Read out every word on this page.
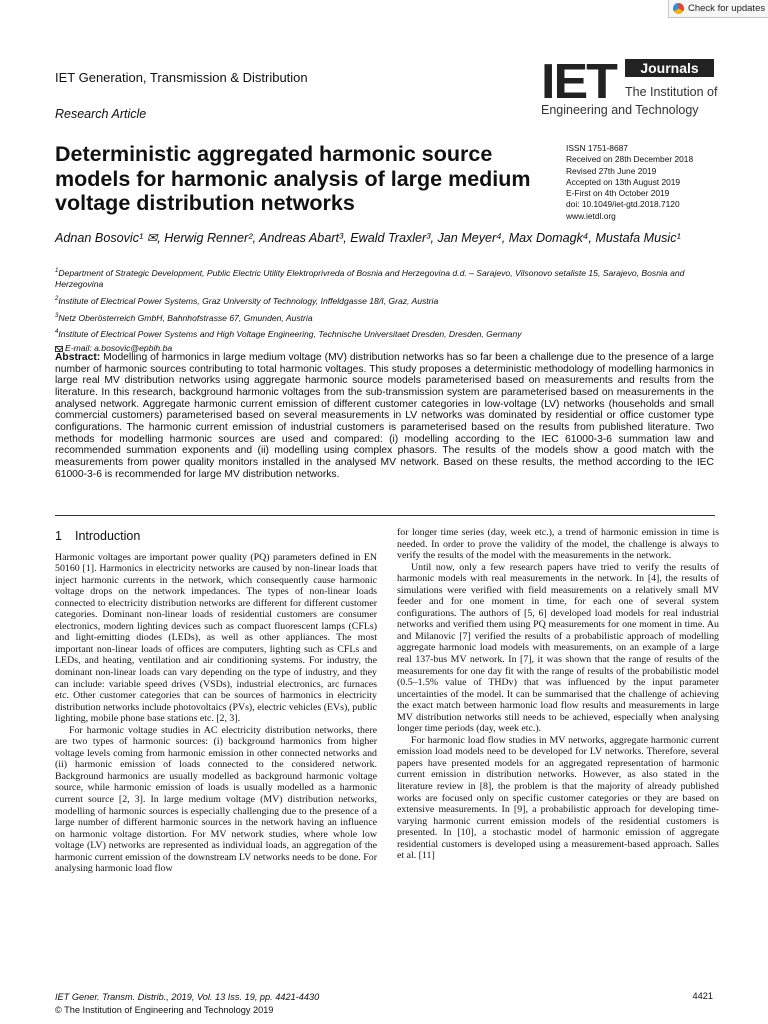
Check for updates
IET Generation, Transmission & Distribution
Research Article
IET	Journals
The Institution of
Engineering and Technology
Deterministic aggregated harmonic source models for harmonic analysis of large medium voltage distribution networks
ISSN 1751-8687
Received on 28th December 2018
Revised 27th June 2019
Accepted on 13th August 2019
E-First on 4th October 2019
doi: 10.1049/iet-gtd.2018.7120
www.ietdl.org
Adnan Bosovic¹ ✉, Herwig Renner², Andreas Abart³, Ewald Traxler³, Jan Meyer⁴, Max Domagk⁴, Mustafa Music¹
$^1$Department of Strategic Development, Public Electric Utility Elektroprivreda of Bosnia and Herzegovina d.d. – Sarajevo, Vilsonovo setaliste 15, Sarajevo, Bosnia and Herzegovina
$^2$Institute of Electrical Power Systems, Graz University of Technology, Inffeldgasse 18/I, Graz, Austria
$^3$Netz Oberösterreich GmbH, Bahnhofstrasse 67, Gmunden, Austria
$^4$Institute of Electrical Power Systems and High Voltage Engineering, Technische Universitaet Dresden, Dresden, Germany
E-mail: a.bosovic@epbih.ba

Abstract: Modelling of harmonics in large medium voltage (MV) distribution networks has so far been a challenge due to the presence of a large number of harmonic sources contributing to total harmonic voltages. This study proposes a deterministic methodology of modelling harmonics in large real MV distribution networks using aggregate harmonic source models parameterised based on measurements and results from the literature. In this research, background harmonic voltages from the sub-transmission system are parameterised based on measurements in the analysed network. Aggregate harmonic current emission of different customer categories in low-voltage (LV) networks (households and small commercial customers) parameterised based on several measurements in LV networks was dominated by residential or office customer type configurations. The harmonic current emission of industrial customers is parameterised based on the results from published literature. Two methods for modelling harmonic sources are used and compared: (i) modelling according to the IEC 61000-3-6 summation law and recommended summation exponents and (ii) modelling using complex phasors. The results of the models show a good match with the measurements from power quality monitors installed in the analysed MV network. Based on these results, the method according to the IEC 61000-3-6 is recommended for large MV distribution networks.

1	Introduction

Harmonic voltages are important power quality (PQ) parameters defined in EN 50160 [1]. Harmonics in electricity networks are caused by non-linear loads that inject harmonic currents in the network, which consequently cause harmonic voltage drops on the network impedances. The types of non-linear loads connected to electricity distribution networks are different for different customer categories. Dominant non-linear loads of residential customers are consumer electronics, modern lighting devices such as compact fluorescent lamps (CFLs) and light-emitting diodes (LEDs), as well as other appliances. The most important non-linear loads of offices are computers, lighting such as CFLs and LEDs, and heating, ventilation and air conditioning systems. For industry, the dominant non-linear loads can vary depending on the type of industry, and they can include: variable speed drives (VSDs), industrial electronics, arc furnaces etc. Other customer categories that can be sources of harmonics in electricity distribution networks include photovoltaics (PVs), electric vehicles (EVs), public lighting, mobile phone base stations etc. [2, 3].

For harmonic voltage studies in AC electricity distribution networks, there are two types of harmonic sources: (i) background harmonics from higher voltage levels coming from harmonic emission in other connected networks and (ii) harmonic emission of loads connected to the considered network. Background harmonics are usually modelled as background harmonic voltage source, while harmonic emission of loads is usually modelled as a harmonic current source [2, 3]. In large medium voltage (MV) distribution networks, modelling of harmonic sources is especially challenging due to the presence of a large number of different harmonic sources in the network having an influence on harmonic voltage distortion. For MV network studies, where whole low voltage (LV) networks are represented as individual loads, an aggregation of the harmonic current emission of the downstream LV networks needs to be done. For analysing harmonic load flow

for longer time series (day, week etc.), a trend of harmonic emission in time is needed. In order to prove the validity of the model, the challenge is always to verify the results of the model with the measurements in the network.

Until now, only a few research papers have tried to verify the results of harmonic models with real measurements in the network. In [4], the results of simulations were verified with field measurements on a relatively small MV feeder and for one moment in time, for each one of several system configurations. The authors of [5, 6] developed load models for real industrial networks and verified them using PQ measurements for one moment in time. Au and Milanovic [7] verified the results of a probabilistic approach of modelling aggregate harmonic load models with measurements, on an example of a large real 137-bus MV network. In [7], it was shown that the range of results of the measurements for one day fit with the range of results of the probabilistic model (0.5–1.5% value of THDv) that was influenced by the input parameter uncertainties of the model. It can be summarised that the challenge of achieving the exact match between harmonic load flow results and measurements in large MV distribution networks still needs to be achieved, especially when analysing longer time periods (day, week etc.).

For harmonic load flow studies in MV networks, aggregate harmonic current emission load models need to be developed for LV networks. Therefore, several papers have presented models for an aggregated representation of harmonic current emission in distribution networks. However, as also stated in the literature review in [8], the problem is that the majority of already published works are focused only on specific customer categories or they are based on extensive measurements. In [9], a probabilistic approach for developing time-varying harmonic current emission models of the residential customers is presented. In [10], a stochastic model of harmonic emission of aggregate residential customers is developed using a measurement-based approach. Salles et al. [11]

IET Gener. Transm. Distrib., 2019, Vol. 13 Iss. 19, pp. 4421-4430
© The Institution of Engineering and Technology 2019
4421
